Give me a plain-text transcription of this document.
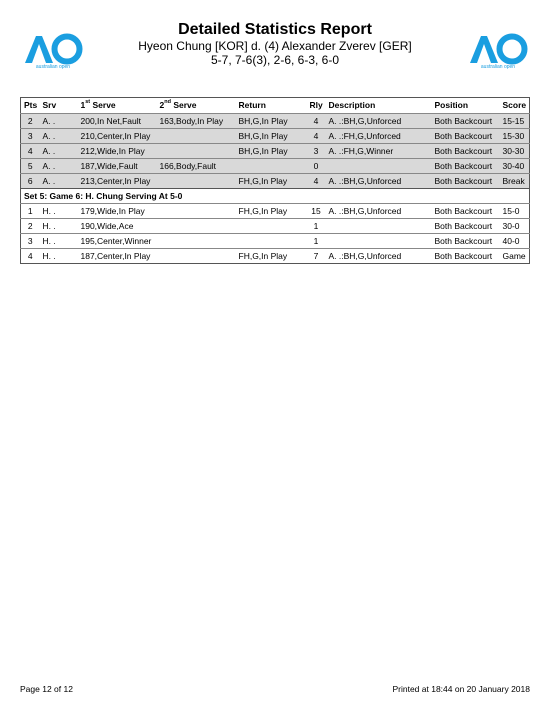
australian open	australian open
Detailed Statistics Report
Hyeon Chung [KOR] d. (4) Alexander Zverev [GER]
5-7, 7-6(3), 2-6, 6-3, 6-0
Pts	Srv	1st Serve	2nd Serve	Return	Rly	Description	Position	Score
2	A. .	200,In Net,Fault	163,Body,In Play	BH,G,In Play	4	A. .:BH,G,Unforced	Both Backcourt	15-15
3	A. .	210,Center,In Play		BH,G,In Play	4	A. .:FH,G,Unforced	Both Backcourt	15-30
4	A. .	212,Wide,In Play		BH,G,In Play	3	A. .:FH,G,Winner	Both Backcourt	30-30
5	A. .	187,Wide,Fault	166,Body,Fault		0		Both Backcourt	30-40
6	A. .	213,Center,In Play		FH,G,In Play	4	A. .:BH,G,Unforced	Both Backcourt	Break
Set 5: Game 6: H. Chung Serving At 5-0								
1	H. .	179,Wide,In Play		FH,G,In Play	15	A. .:BH,G,Unforced	Both Backcourt	15-0
2	H. .	190,Wide,Ace			1		Both Backcourt	30-0
3	H. .	195,Center,Winner			1		Both Backcourt	40-0
4	H. .	187,Center,In Play		FH,G,In Play	7	A. .:BH,G,Unforced	Both Backcourt	Game
Page 12 of 12	Printed at 18:44 on 20 January 2018
